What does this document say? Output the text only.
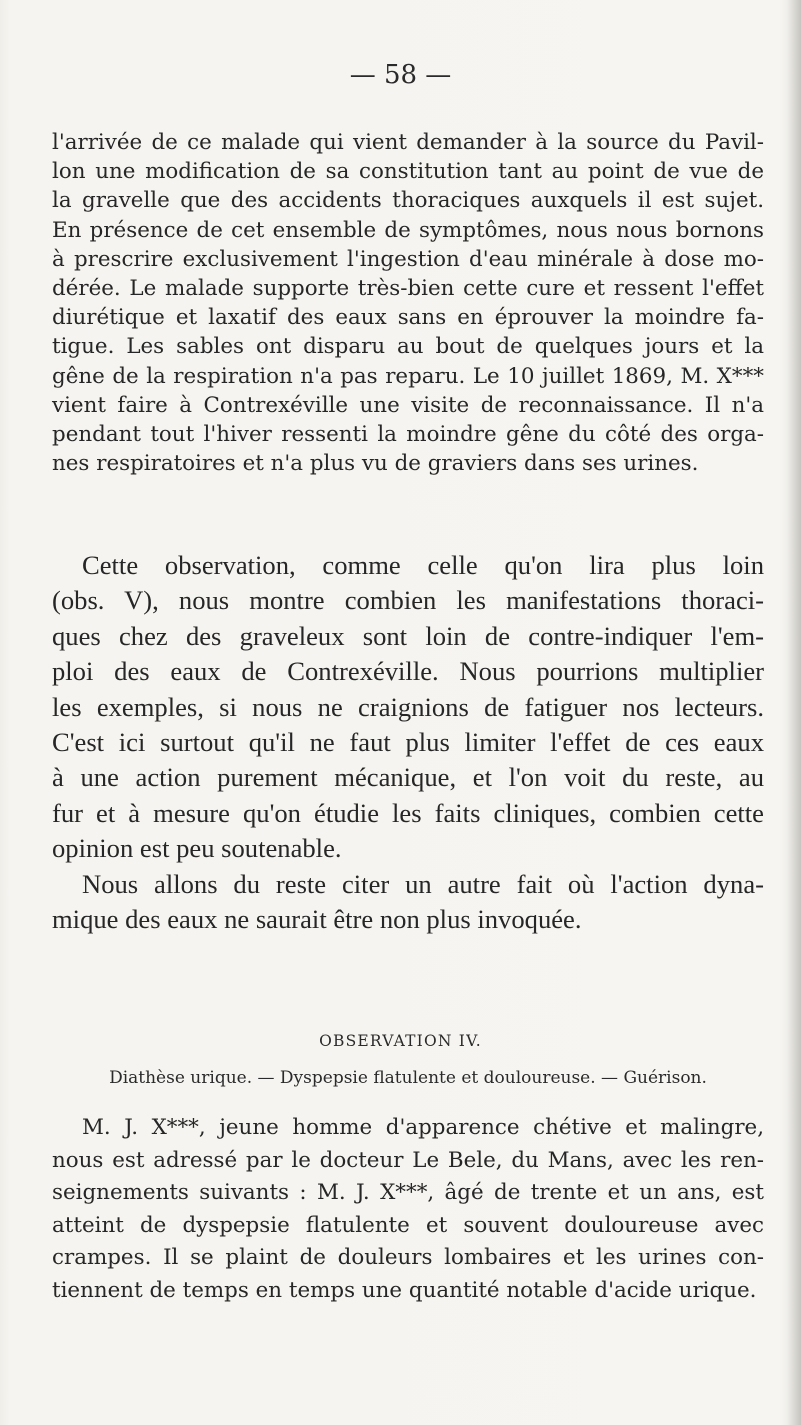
— 58 —
l'arrivée de ce malade qui vient demander à la source du Pavil-
lon une modification de sa constitution tant au point de vue de
la gravelle que des accidents thoraciques auxquels il est sujet.
En présence de cet ensemble de symptômes, nous nous bornons
à prescrire exclusivement l'ingestion d'eau minérale à dose mo-
dérée. Le malade supporte très-bien cette cure et ressent l'effet
diurétique et laxatif des eaux sans en éprouver la moindre fa-
tigue. Les sables ont disparu au bout de quelques jours et la
gêne de la respiration n'a pas reparu. Le 10 juillet 1869, M. X***
vient faire à Contrexéville une visite de reconnaissance. Il n'a
pendant tout l'hiver ressenti la moindre gêne du côté des orga-
nes respiratoires et n'a plus vu de graviers dans ses urines.
Cette observation, comme celle qu'on lira plus loin
(obs. V), nous montre combien les manifestations thoraci-
ques chez des graveleux sont loin de contre-indiquer l'em-
ploi des eaux de Contrexéville. Nous pourrions multiplier
les exemples, si nous ne craignions de fatiguer nos lecteurs.
C'est ici surtout qu'il ne faut plus limiter l'effet de ces eaux
à une action purement mécanique, et l'on voit du reste, au
fur et à mesure qu'on étudie les faits cliniques, combien cette
opinion est peu soutenable.
Nous allons du reste citer un autre fait où l'action dyna-
mique des eaux ne saurait être non plus invoquée.
OBSERVATION IV.
Diathèse urique. — Dyspepsie flatulente et douloureuse. — Guérison.
M. J. X***, jeune homme d'apparence chétive et malingre,
nous est adressé par le docteur Le Bele, du Mans, avec les ren-
seignements suivants : M. J. X***, âgé de trente et un ans, est
atteint de dyspepsie flatulente et souvent douloureuse avec
crampes. Il se plaint de douleurs lombaires et les urines con-
tiennent de temps en temps une quantité notable d'acide urique.
